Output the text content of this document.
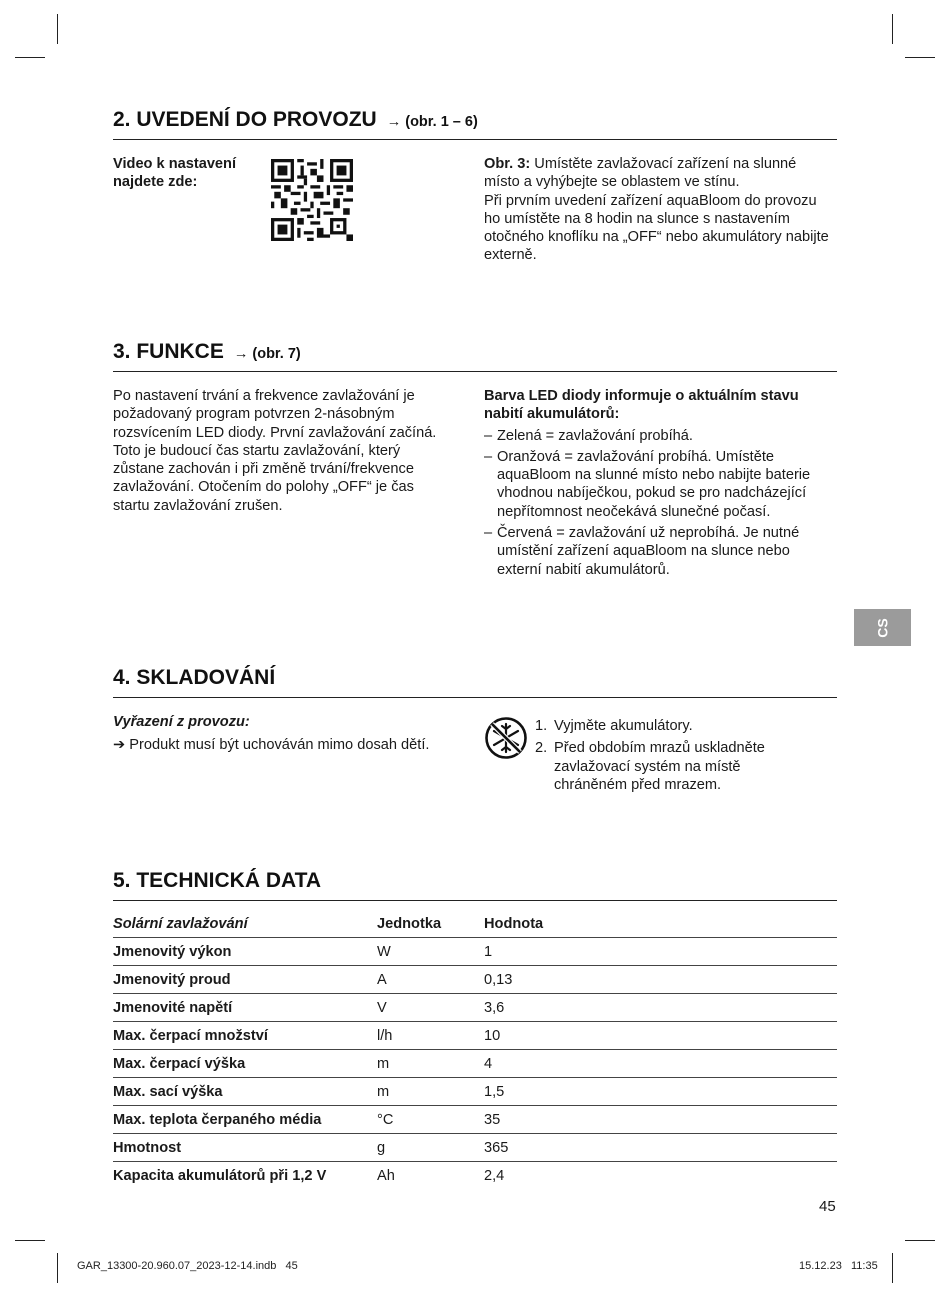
2. UVEDENÍ DO PROVOZU → (obr. 1 – 6)
Video k nastavení
najdete zde:
Obr. 3: Umístěte zavlažovací zařízení na slunné místo a vyhýbejte se oblastem ve stínu.
Při prvním uvedení zařízení aquaBloom do provozu ho umístěte na 8 hodin na slunce s nastavením otočného knoflíku na „OFF“ nebo akumulátory nabijte externě.
3. FUNKCE → (obr. 7)
Po nastavení trvání a frekvence zavlažování je požadovaný program potvrzen 2-násobným rozsvícením LED diody. První zavlažování začíná. Toto je budoucí čas startu zavlažování, který zůstane zachován i při změně trvání/frekvence zavlažování. Otočením do polohy „OFF“ je čas startu zavlažování zrušen.
Barva LED diody informuje o aktuálním stavu nabití akumulátorů:
– Zelená = zavlažování probíhá.
– Oranžová = zavlažování probíhá. Umístěte aquaBloom na slunné místo nebo nabijte baterie vhodnou nabíječkou, pokud se pro nadcházející nepřítomnost neočekává slunečné počasí.
– Červená = zavlažování už neprobíhá. Je nutné umístění zařízení aquaBloom na slunce nebo externí nabití akumulátorů.
CS
4. SKLADOVÁNÍ
Vyřazení z provozu:
➔ Produkt musí být uchováván mimo dosah dětí.
1. Vyjměte akumulátory.
2. Před obdobím mrazů uskladněte zavlažovací systém na místě chráněném před mrazem.
5. TECHNICKÁ DATA
Solární zavlažování	Jednotka	Hodnota
Jmenovitý výkon	W	1
Jmenovitý proud	A	0,13
Jmenovité napětí	V	3,6
Max. čerpací množství	l/h	10
Max. čerpací výška	m	4
Max. sací výška	m	1,5
Max. teplota čerpaného média	°C	35
Hmotnost	g	365
Kapacita akumulátorů při 1,2 V	Ah	2,4
45
GAR_13300-20.960.07_2023-12-14.indb   45	15.12.23   11:35
